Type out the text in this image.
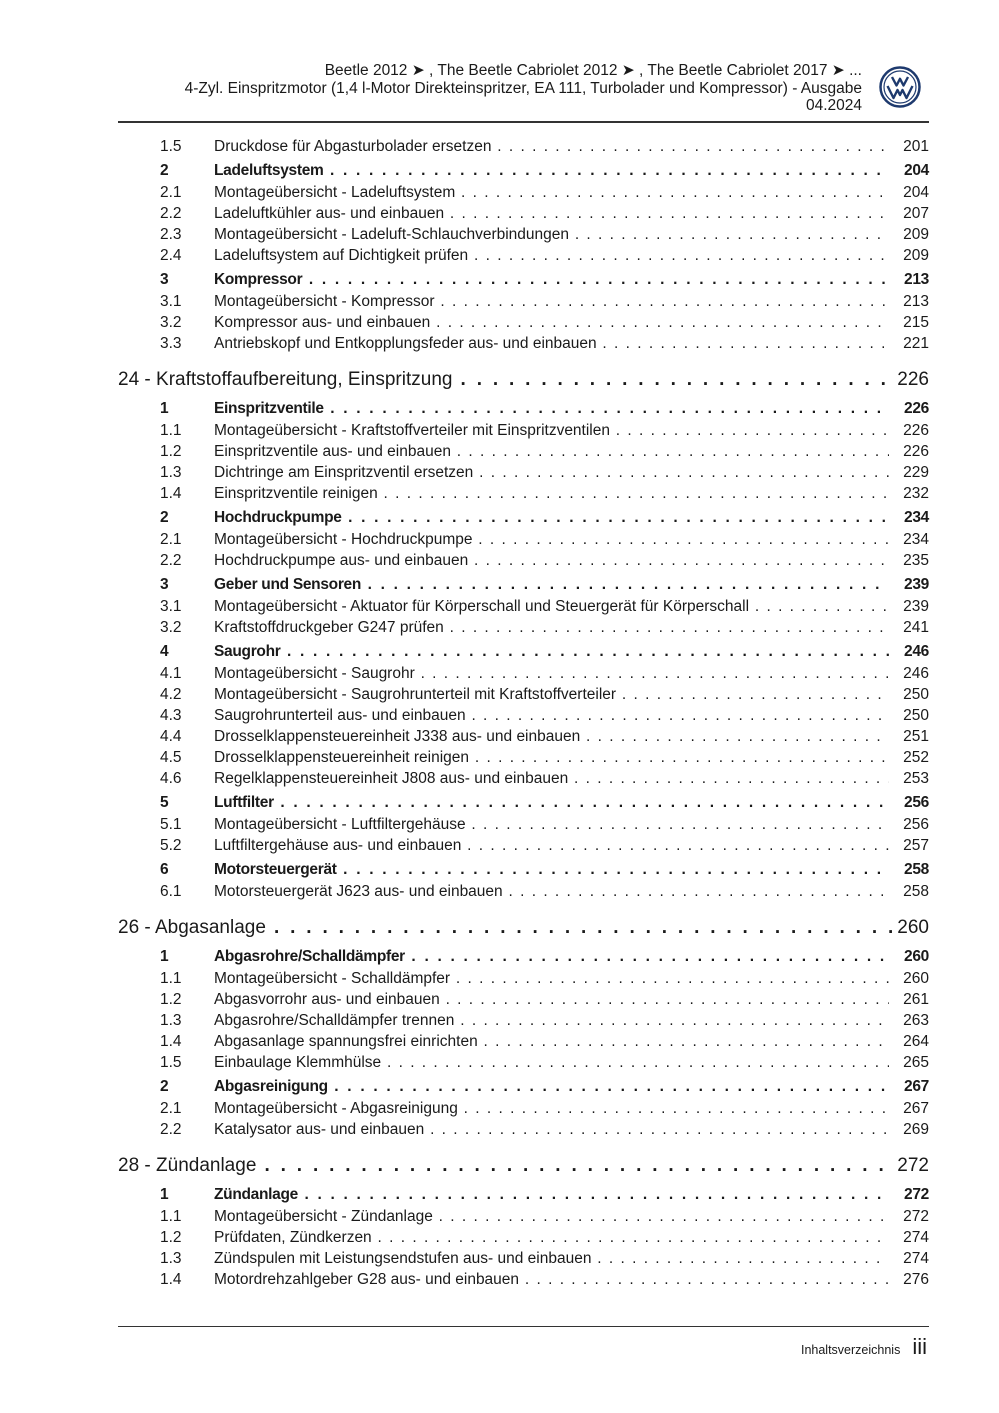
Beetle 2012 ➤ , The Beetle Cabriolet 2012 ➤ , The Beetle Cabriolet 2017 ➤ ...
4-Zyl. Einspritzmotor (1,4 l-Motor Direkteinspritzer, EA 111, Turbolader und Kompressor) - Ausgabe
04.2024
1.5	Druckdose für Abgasturbolader ersetzen . . .	201
2	Ladeluftsystem . . .	204
2.1	Montageübersicht - Ladeluftsystem . . .	204
2.2	Ladeluftkühler aus- und einbauen . . .	207
2.3	Montageübersicht - Ladeluft-Schlauchverbindungen . . .	209
2.4	Ladeluftsystem auf Dichtigkeit prüfen . . .	209
3	Kompressor . . .	213
3.1	Montageübersicht - Kompressor . . .	213
3.2	Kompressor aus- und einbauen . . .	215
3.3	Antriebskopf und Entkopplungsfeder aus- und einbauen . . .	221
24 - Kraftstoffaufbereitung, Einspritzung . . .	226
1	Einspritzventile . . .	226
1.1	Montageübersicht - Kraftstoffverteiler mit Einspritzventilen . . .	226
1.2	Einspritzventile aus- und einbauen . . .	226
1.3	Dichtringe am Einspritzventil ersetzen . . .	229
1.4	Einspritzventile reinigen . . .	232
2	Hochdruckpumpe . . .	234
2.1	Montageübersicht - Hochdruckpumpe . . .	234
2.2	Hochdruckpumpe aus- und einbauen . . .	235
3	Geber und Sensoren . . .	239
3.1	Montageübersicht - Aktuator für Körperschall und Steuergerät für Körperschall . . .	239
3.2	Kraftstoffdruckgeber G247 prüfen . . .	241
4	Saugrohr . . .	246
4.1	Montageübersicht - Saugrohr . . .	246
4.2	Montageübersicht - Saugrohrunterteil mit Kraftstoffverteiler . . .	250
4.3	Saugrohrunterteil aus- und einbauen . . .	250
4.4	Drosselklappensteuereinheit J338 aus- und einbauen . . .	251
4.5	Drosselklappensteuereinheit reinigen . . .	252
4.6	Regelklappensteuereinheit J808 aus- und einbauen . . .	253
5	Luftfilter . . .	256
5.1	Montageübersicht - Luftfiltergehäuse . . .	256
5.2	Luftfiltergehäuse aus- und einbauen . . .	257
6	Motorsteuergerät . . .	258
6.1	Motorsteuergerät J623 aus- und einbauen . . .	258
26 - Abgasanlage . . .	260
1	Abgasrohre/Schalldämpfer . . .	260
1.1	Montageübersicht - Schalldämpfer . . .	260
1.2	Abgasvorrohr aus- und einbauen . . .	261
1.3	Abgasrohre/Schalldämpfer trennen . . .	263
1.4	Abgasanlage spannungsfrei einrichten . . .	264
1.5	Einbaulage Klemmhülse . . .	265
2	Abgasreinigung . . .	267
2.1	Montageübersicht - Abgasreinigung . . .	267
2.2	Katalysator aus- und einbauen . . .	269
28 - Zündanlage . . .	272
1	Zündanlage . . .	272
1.1	Montageübersicht - Zündanlage . . .	272
1.2	Prüfdaten, Zündkerzen . . .	274
1.3	Zündspulen mit Leistungsendstufen aus- und einbauen . . .	274
1.4	Motordrehzahlgeber G28 aus- und einbauen . . .	276
Inhaltsverzeichnis iii
